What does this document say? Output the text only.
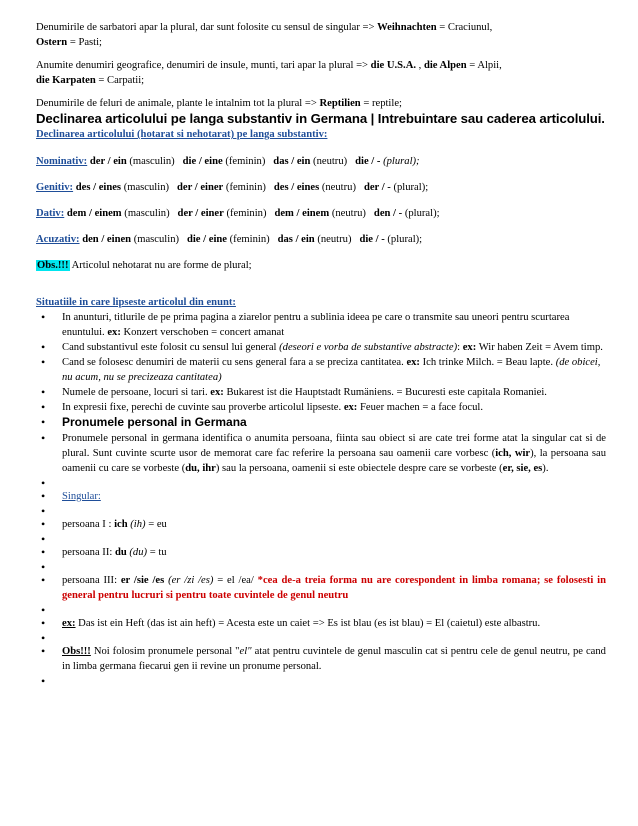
Denumirile de sarbatori apar la plural, dar sunt folosite cu sensul de singular => Weihnachten = Craciunul,
Ostern = Pasti;

Anumite denumiri geografice, denumiri de insule, munti, tari apar la plural => die U.S.A. , die Alpen = Alpii,
die Karpaten = Carpatii;

Denumirile de feluri de animale, plante le intalnim tot la plural => Reptilien = reptile;

Declinarea articolului pe langa substantiv in Germana | Intrebuintare sau caderea articolului.

Declinarea articolului (hotarat si nehotarat) pe langa substantiv:

Nominativ: der / ein (masculin) die / eine (feminin) das / ein (neutru) die / - (plural);
Genitiv: des / eines (masculin) der / einer (feminin) des / eines (neutru) der / - (plural);
Dativ: dem / einem (masculin) der / einer (feminin) dem / einem (neutru) den / - (plural);
Acuzativ: den / einen (masculin) die / eine (feminin) das / ein (neutru) die / - (plural);
Obs.!!! Articolul nehotarat nu are forme de plural;

Situatiile in care lipseste articolul din enunt:

• In anunturi, titlurile de pe prima pagina a ziarelor pentru a sublinia ideea pe care o transmite sau uneori pentru scurtarea enuntului. ex: Konzert verschoben = concert amanat
• Cand substantivul este folosit cu sensul lui general (deseori e vorba de substantive abstracte): ex: Wir haben Zeit = Avem timp.
• Cand se folosesc denumiri de materii cu sens general fara a se preciza cantitatea. ex: Ich trinke Milch. = Beau lapte. (de obicei, nu acum, nu se precizeaza cantitatea)
• Numele de persoane, locuri si tari. ex: Bukarest ist die Hauptstadt Rumäniens. = Bucuresti este capitala Romaniei.
• In expresii fixe, perechi de cuvinte sau proverbe articolul lipseste. ex: Feuer machen = a face focul.
• Pronumele personal in Germana
• Pronumele personal in germana identifica o anumita persoana, fiinta sau obiect si are cate trei forme atat la singular cat si de plural. Sunt cuvinte scurte usor de memorat care fac referire la persoana sau oamenii care vorbesc (ich, wir), la persoana sau oamenii cu care se vorbeste (du, ihr) sau la persoana, oamenii si este obiectele despre care se vorbeste (er, sie, es).
•
• Singular:
•
• persoana I : ich (ih) = eu
•
• persoana II: du (du) = tu
•
• persoana III: er /sie /es (er /zi /es) = el /ea/ *cea de-a treia forma nu are corespondent in limba romana; se folosesti in general pentru lucruri si pentru toate cuvintele de genul neutru
•
• ex: Das ist ein Heft (das ist ain heft) = Acesta este un caiet => Es ist blau (es ist blau) = El (caietul) este albastru.
•
• Obs!!! Noi folosim pronumele personal "el" atat pentru cuvintele de genul masculin cat si pentru cele de genul neutru, pe cand in limba germana fiecarui gen ii revine un pronume personal.
•
